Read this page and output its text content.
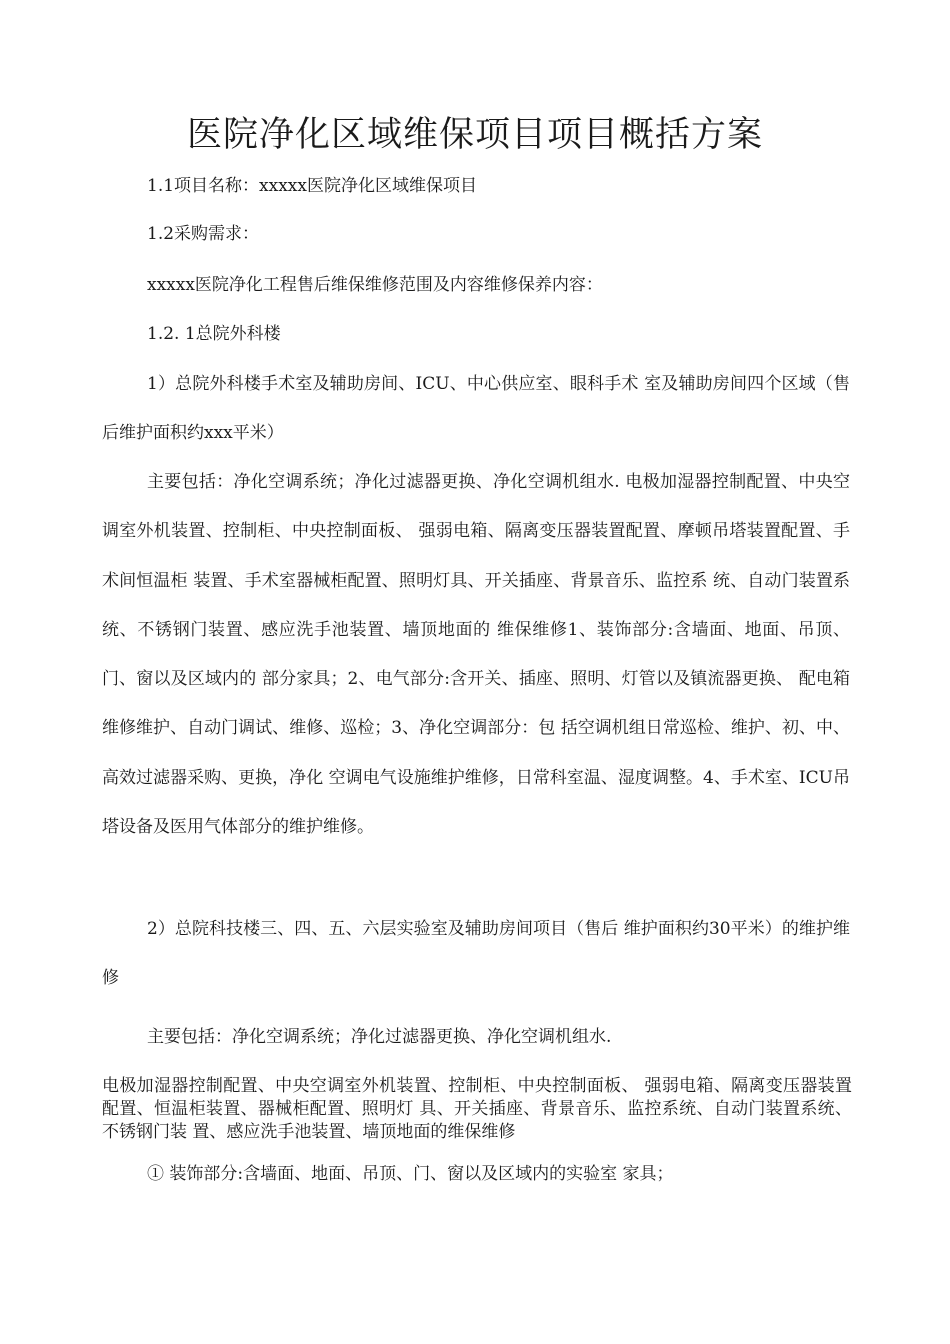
医院净化区域维保项目项目概括方案

1.1项目名称：xxxxx医院净化区域维保项目

1.2采购需求：

xxxxx医院净化工程售后维保维修范围及内容维修保养内容：

1.2. 1总院外科楼

1）总院外科楼手术室及辅助房间、ICU、中心供应室、眼科手术 室及辅助房间四个区域（售后维护面积约xxx平米）

主要包括：净化空调系统；净化过滤器更换、净化空调机组水. 电极加湿器控制配置、中央空调室外机装置、控制柜、中央控制面板、 强弱电箱、隔离变压器装置配置、摩顿吊塔装置配置、手术间恒温柜 装置、手术室器械柜配置、照明灯具、开关插座、背景音乐、监控系 统、自动门装置系统、不锈钢门装置、感应洗手池装置、墙顶地面的 维保维修1、装饰部分:含墙面、地面、吊顶、门、窗以及区域内的 部分家具；2、电气部分:含开关、插座、照明、灯管以及镇流器更换、 配电箱维修维护、自动门调试、维修、巡检；3、净化空调部分：包 括空调机组日常巡检、维护、初、中、高效过滤器采购、更换，净化 空调电气设施维护维修，日常科室温、湿度调整。4、手术室、ICU吊 塔设备及医用气体部分的维护维修。

2）总院科技楼三、四、五、六层实验室及辅助房间项目（售后 维护面积约30平米）的维护维修

主要包括：净化空调系统；净化过滤器更换、净化空调机组水.

电极加湿器控制配置、中央空调室外机装置、控制柜、中央控制面板、 强弱电箱、隔离变压器装置配置、恒温柜装置、器械柜配置、照明灯 具、开关插座、背景音乐、监控系统、自动门装置系统、不锈钢门装 置、感应洗手池装置、墙顶地面的维保维修

① 装饰部分:含墙面、地面、吊顶、门、窗以及区域内的实验室 家具；
